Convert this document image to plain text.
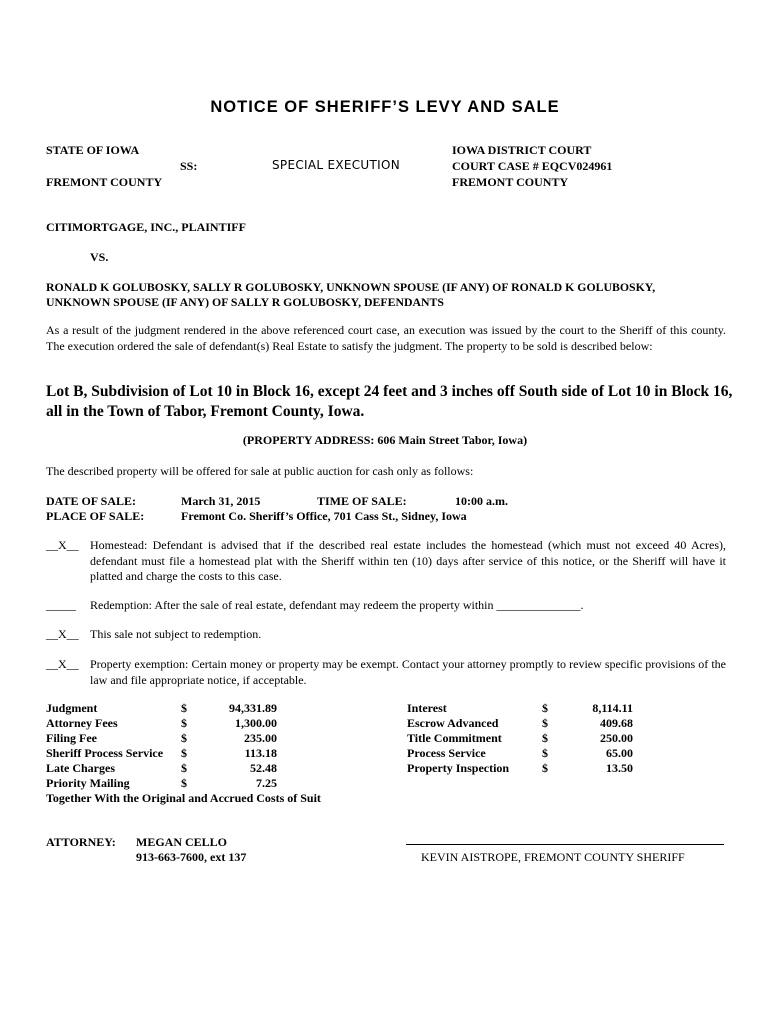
NOTICE OF SHERIFF’S LEVY AND SALE
STATE OF IOWA
SS:
FREMONT COUNTY
SPECIAL EXECUTION
IOWA DISTRICT COURT
COURT CASE # EQCV024961
FREMONT COUNTY
CITIMORTGAGE, INC., PLAINTIFF
VS.
RONALD K GOLUBOSKY, SALLY R GOLUBOSKY, UNKNOWN SPOUSE (IF ANY) OF RONALD K GOLUBOSKY,
UNKNOWN SPOUSE (IF ANY) OF SALLY R GOLUBOSKY, DEFENDANTS
As a result of the judgment rendered in the above referenced court case, an execution was issued by the court to the Sheriff of this county. The execution ordered the sale of defendant(s) Real Estate to satisfy the judgment. The property to be sold is described below:
Lot B, Subdivision of Lot 10 in Block 16, except 24 feet and 3 inches off South side of Lot 10 in Block 16, all in the Town of Tabor, Fremont County, Iowa.
(PROPERTY ADDRESS: 606 Main Street Tabor, Iowa)
The described property will be offered for sale at public auction for cash only as follows:
DATE OF SALE:	March 31, 2015	TIME OF SALE:	10:00 a.m.
PLACE OF SALE:	Fremont Co. Sheriff’s Office, 701 Cass St., Sidney, Iowa
__X__ Homestead: Defendant is advised that if the described real estate includes the homestead (which must not exceed 40 Acres), defendant must file a homestead plat with the Sheriff within ten (10) days after service of this notice, or the Sheriff will have it platted and charge the costs to this case.
_____ Redemption: After the sale of real estate, defendant may redeem the property within ______________.
__X__ This sale not subject to redemption.
__X__ Property exemption: Certain money or property may be exempt. Contact your attorney promptly to review specific provisions of the law and file appropriate notice, if acceptable.
Judgment	$	94,331.89
Attorney Fees	$	1,300.00
Filing Fee	$	235.00
Sheriff Process Service $	113.18
Late Charges	$	52.48
Priority Mailing	$	7.25
Interest	$	8,114.11
Escrow Advanced	$	409.68
Title Commitment	$	250.00
Process Service	$	65.00
Property Inspection	$	13.50
Together With the Original and Accrued Costs of Suit
ATTORNEY: MEGAN CELLO
913-663-7600, ext 137	KEVIN AISTROPE, FREMONT COUNTY SHERIFF
